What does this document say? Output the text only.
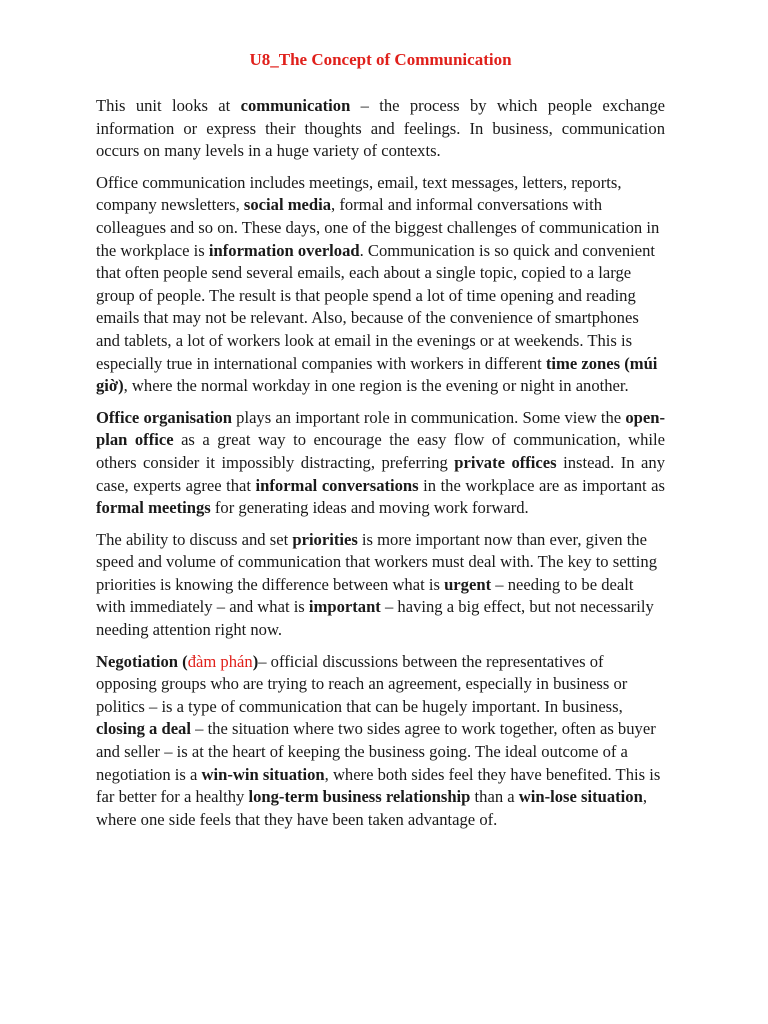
U8_The Concept of Communication

This unit looks at communication – the process by which people exchange information or express their thoughts and feelings. In business, communication occurs on many levels in a huge variety of contexts.

Office communication includes meetings, email, text messages, letters, reports, company newsletters, social media, formal and informal conversations with colleagues and so on. These days, one of the biggest challenges of communication in the workplace is information overload. Communication is so quick and convenient that often people send several emails, each about a single topic, copied to a large group of people. The result is that people spend a lot of time opening and reading emails that may not be relevant. Also, because of the convenience of smartphones and tablets, a lot of workers look at email in the evenings or at weekends. This is especially true in international companies with workers in different time zones (múi giờ), where the normal workday in one region is the evening or night in another.

Office organisation plays an important role in communication. Some view the open-plan office as a great way to encourage the easy flow of communication, while others consider it impossibly distracting, preferring private offices instead. In any case, experts agree that informal conversations in the workplace are as important as formal meetings for generating ideas and moving work forward.

The ability to discuss and set priorities is more important now than ever, given the speed and volume of communication that workers must deal with. The key to setting priorities is knowing the difference between what is urgent – needing to be dealt with immediately – and what is important – having a big effect, but not necessarily needing attention right now.

Negotiation (đàm phán)– official discussions between the representatives of opposing groups who are trying to reach an agreement, especially in business or politics – is a type of communication that can be hugely important. In business, closing a deal – the situation where two sides agree to work together, often as buyer and seller – is at the heart of keeping the business going. The ideal outcome of a negotiation is a win-win situation, where both sides feel they have benefited. This is far better for a healthy long-term business relationship than a win-lose situation, where one side feels that they have been taken advantage of.
